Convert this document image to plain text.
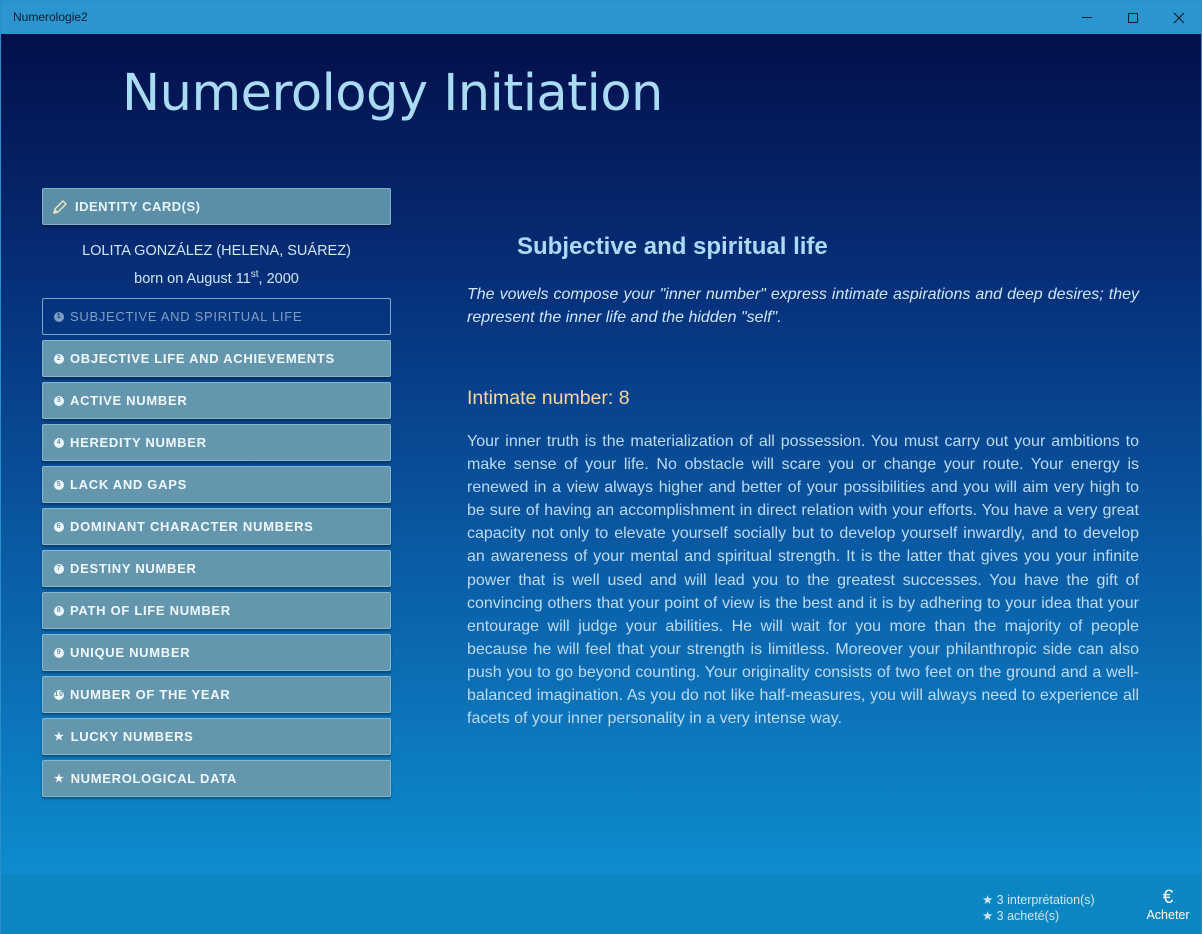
Numerologie2
Numerology Initiation
IDENTITY CARD(S)
LOLITA GONZÁLEZ (HELENA, SUÁREZ)
born on August 11st, 2000
1 SUBJECTIVE AND SPIRITUAL LIFE
2 OBJECTIVE LIFE AND ACHIEVEMENTS
3 ACTIVE NUMBER
4 HEREDITY NUMBER
5 LACK AND GAPS
6 DOMINANT CHARACTER NUMBERS
7 DESTINY NUMBER
8 PATH OF LIFE NUMBER
9 UNIQUE NUMBER
10 NUMBER OF THE YEAR
★ LUCKY NUMBERS
★ NUMEROLOGICAL DATA
Subjective and spiritual life

The vowels compose your "inner number" express intimate aspirations and deep desires; they represent the inner life and the hidden "self".

Intimate number: 8

Your inner truth is the materialization of all possession. You must carry out your ambitions to make sense of your life. No obstacle will scare you or change your route. Your energy is renewed in a view always higher and better of your possibilities and you will aim very high to be sure of having an accomplishment in direct relation with your efforts. You have a very great capacity not only to elevate yourself socially but to develop yourself inwardly, and to develop an awareness of your mental and spiritual strength. It is the latter that gives you your infinite power that is well used and will lead you to the greatest successes. You have the gift of convincing others that your point of view is the best and it is by adhering to your idea that your entourage will judge your abilities. He will wait for you more than the majority of people because he will feel that your strength is limitless. Moreover your philanthropic side can also push you to go beyond counting. Your originality consists of two feet on the ground and a well-balanced imagination. As you do not like half-measures, you will always need to experience all facets of your inner personality in a very intense way.

★ 3 interprétation(s)
★ 3 acheté(s)
€
Acheter
